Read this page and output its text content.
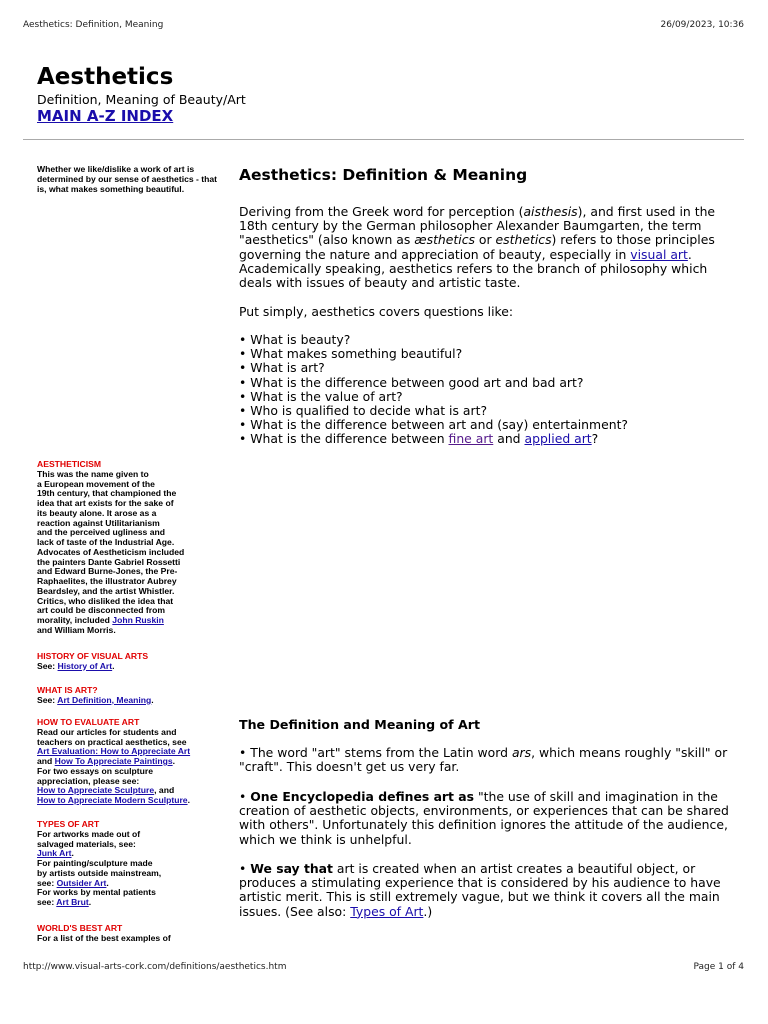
Aesthetics: Definition, Meaning	26/09/2023, 10:36
Aesthetics
Definition, Meaning of Beauty/Art
MAIN A-Z INDEX
Whether we like/dislike a work of art is determined by our sense of aesthetics - that is, what makes something beautiful.
AESTHETICISM
This was the name given to
a European movement of the
19th century, that championed the
idea that art exists for the sake of
its beauty alone. It arose as a
reaction against Utilitarianism
and the perceived ugliness and
lack of taste of the Industrial Age.
Advocates of Aestheticism included
the painters Dante Gabriel Rossetti
and Edward Burne-Jones, the Pre-
Raphaelites, the illustrator Aubrey
Beardsley, and the artist Whistler.
Critics, who disliked the idea that
art could be disconnected from
morality, included John Ruskin
and William Morris.
HISTORY OF VISUAL ARTS
See: History of Art.
WHAT IS ART?
See: Art Definition, Meaning.
HOW TO EVALUATE ART
Read our articles for students and
teachers on practical aesthetics, see
Art Evaluation: How to Appreciate Art
and How To Appreciate Paintings.
For two essays on sculpture
appreciation, please see:
How to Appreciate Sculpture, and
How to Appreciate Modern Sculpture.
TYPES OF ART
For artworks made out of
salvaged materials, see:
Junk Art.
For painting/sculpture made
by artists outside mainstream,
see: Outsider Art.
For works by mental patients
see: Art Brut.
WORLD'S BEST ART
For a list of the best examples of
Aesthetics: Definition & Meaning

Deriving from the Greek word for perception (aisthesis), and first used in the 18th century by the German philosopher Alexander Baumgarten, the term "aesthetics" (also known as æsthetics or esthetics) refers to those principles governing the nature and appreciation of beauty, especially in visual art. Academically speaking, aesthetics refers to the branch of philosophy which deals with issues of beauty and artistic taste.

Put simply, aesthetics covers questions like:
• What is beauty?
• What makes something beautiful?
• What is art?
• What is the difference between good art and bad art?
• What is the value of art?
• Who is qualified to decide what is art?
• What is the difference between art and (say) entertainment?
• What is the difference between fine art and applied art?
The Definition and Meaning of Art

• The word "art" stems from the Latin word ars, which means roughly "skill" or "craft". This doesn't get us very far.

• One Encyclopedia defines art as "the use of skill and imagination in the creation of aesthetic objects, environments, or experiences that can be shared with others". Unfortunately this definition ignores the attitude of the audience, which we think is unhelpful.

• We say that art is created when an artist creates a beautiful object, or produces a stimulating experience that is considered by his audience to have artistic merit. This is still extremely vague, but we think it covers all the main issues. (See also: Types of Art.)

http://www.visual-arts-cork.com/definitions/aesthetics.htm	Page 1 of 4
